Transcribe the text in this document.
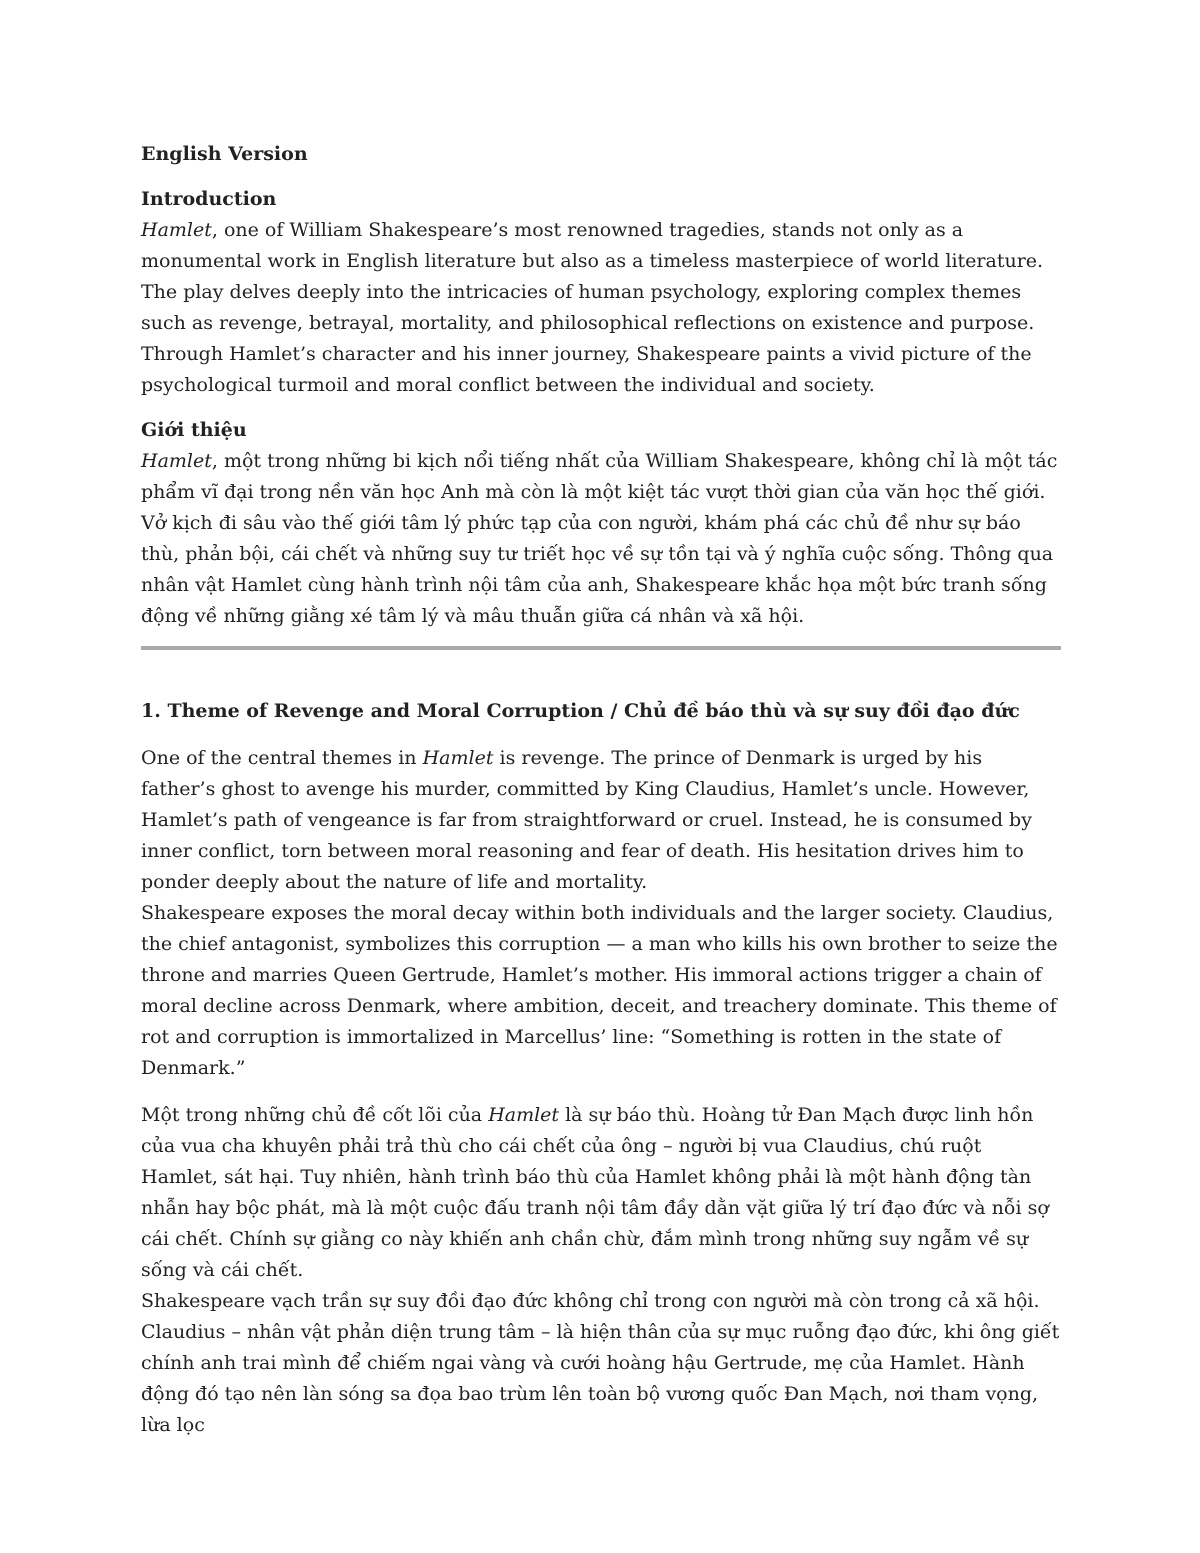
English Version

Introduction

Hamlet, one of William Shakespeare’s most renowned tragedies, stands not only as a monumental work in English literature but also as a timeless masterpiece of world literature. The play delves deeply into the intricacies of human psychology, exploring complex themes such as revenge, betrayal, mortality, and philosophical reflections on existence and purpose. Through Hamlet’s character and his inner journey, Shakespeare paints a vivid picture of the psychological turmoil and moral conflict between the individual and society.

Giới thiệu

Hamlet, một trong những bi kịch nổi tiếng nhất của William Shakespeare, không chỉ là một tác phẩm vĩ đại trong nền văn học Anh mà còn là một kiệt tác vượt thời gian của văn học thế giới. Vở kịch đi sâu vào thế giới tâm lý phức tạp của con người, khám phá các chủ đề như sự báo thù, phản bội, cái chết và những suy tư triết học về sự tồn tại và ý nghĩa cuộc sống. Thông qua nhân vật Hamlet cùng hành trình nội tâm của anh, Shakespeare khắc họa một bức tranh sống động về những giằng xé tâm lý và mâu thuẫn giữa cá nhân và xã hội.

1. Theme of Revenge and Moral Corruption / Chủ đề báo thù và sự suy đồi đạo đức

One of the central themes in Hamlet is revenge. The prince of Denmark is urged by his father’s ghost to avenge his murder, committed by King Claudius, Hamlet’s uncle. However, Hamlet’s path of vengeance is far from straightforward or cruel. Instead, he is consumed by inner conflict, torn between moral reasoning and fear of death. His hesitation drives him to ponder deeply about the nature of life and mortality.

Shakespeare exposes the moral decay within both individuals and the larger society. Claudius, the chief antagonist, symbolizes this corruption — a man who kills his own brother to seize the throne and marries Queen Gertrude, Hamlet’s mother. His immoral actions trigger a chain of moral decline across Denmark, where ambition, deceit, and treachery dominate. This theme of rot and corruption is immortalized in Marcellus’ line: “Something is rotten in the state of Denmark.”

Một trong những chủ đề cốt lõi của Hamlet là sự báo thù. Hoàng tử Đan Mạch được linh hồn của vua cha khuyên phải trả thù cho cái chết của ông – người bị vua Claudius, chú ruột Hamlet, sát hại. Tuy nhiên, hành trình báo thù của Hamlet không phải là một hành động tàn nhẫn hay bộc phát, mà là một cuộc đấu tranh nội tâm đầy dằn vặt giữa lý trí đạo đức và nỗi sợ cái chết. Chính sự giằng co này khiến anh chần chừ, đắm mình trong những suy ngẫm về sự sống và cái chết.

Shakespeare vạch trần sự suy đồi đạo đức không chỉ trong con người mà còn trong cả xã hội. Claudius – nhân vật phản diện trung tâm – là hiện thân của sự mục ruỗng đạo đức, khi ông giết chính anh trai mình để chiếm ngai vàng và cưới hoàng hậu Gertrude, mẹ của Hamlet. Hành động đó tạo nên làn sóng sa đọa bao trùm lên toàn bộ vương quốc Đan Mạch, nơi tham vọng, lừa lọc
